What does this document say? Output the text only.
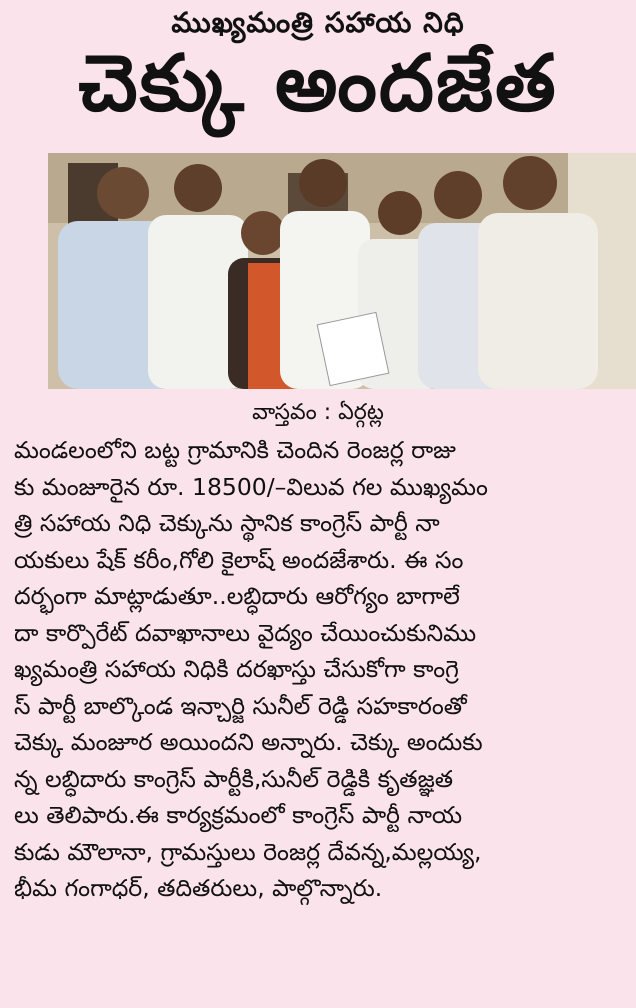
ముఖ్యమంత్రి సహాయ నిధి
చెక్కు అందజేత
వాస్తవం : ఏర్గట్ల
మండలంలోని బట్ట గ్రామానికి చెందిన రెంజర్ల రాజు
కు మంజూరైన రూ. 18500/–విలువ గల ముఖ్యమం
త్రి సహాయ నిధి చెక్కును స్థానిక కాంగ్రెస్ పార్టీ నా
యకులు షేక్ కరీం,గోలి కైలాష్ అందజేశారు. ఈ సం
దర్భంగా మాట్లాడుతూ..లబ్ధిదారు ఆరోగ్యం బాగాలే
దా కార్పొరేట్ దవాఖానాలు వైద్యం చేయించుకునిము
ఖ్యమంత్రి సహాయ నిధికి దరఖాస్తు చేసుకోగా కాంగ్రె
స్ పార్టీ బాల్కొండ ఇన్చార్జి సునీల్ రెడ్డి సహకారంతో
చెక్కు మంజూర అయిందని అన్నారు. చెక్కు అందుకు
న్న లబ్ధిదారు కాంగ్రెస్ పార్టీకి,సునీల్ రెడ్డికి కృతజ్ఞత
లు తెలిపారు.ఈ కార్యక్రమంలో కాంగ్రెస్ పార్టీ నాయ
కుడు మౌలానా, గ్రామస్తులు రెంజర్ల దేవన్న,మల్లయ్య,
భీమ గంగాధర్, తదితరులు, పాల్గొన్నారు.
